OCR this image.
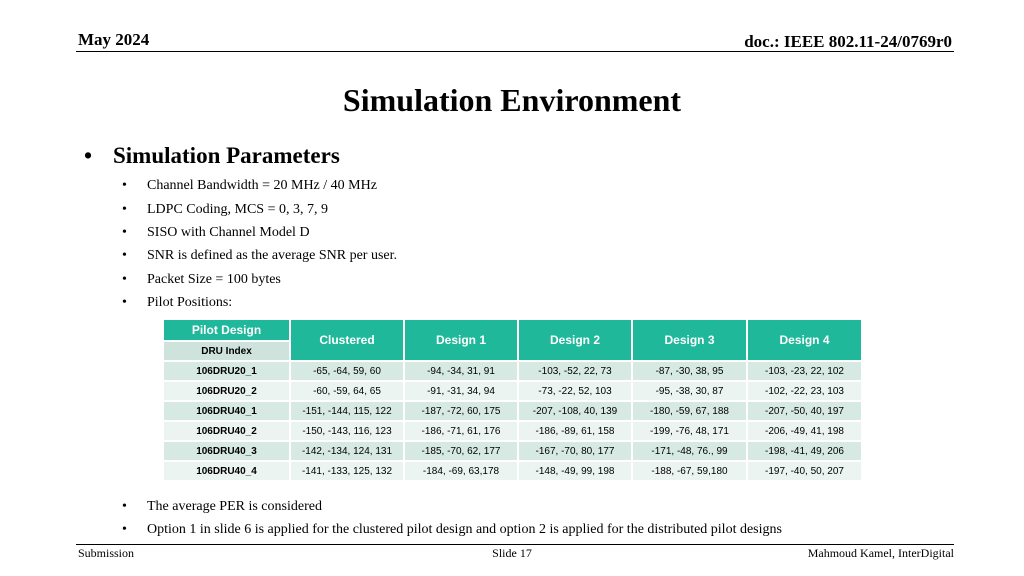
May 2024	doc.: IEEE 802.11-24/0769r0
Simulation Environment
• Simulation Parameters
• Channel Bandwidth = 20 MHz / 40 MHz
• LDPC Coding, MCS = 0, 3, 7, 9
• SISO with Channel Model D
• SNR is defined as the average SNR per user.
• Packet Size = 100 bytes
• Pilot Positions:
Pilot Design	Clustered	Design 1	Design 2	Design 3	Design 4
DRU Index					
106DRU20_1	-65, -64, 59, 60	-94, -34, 31, 91	-103, -52, 22, 73	-87, -30, 38, 95	-103, -23, 22, 102
106DRU20_2	-60, -59, 64, 65	-91, -31, 34, 94	-73, -22, 52, 103	-95, -38, 30, 87	-102, -22, 23, 103
106DRU40_1	-151, -144, 115, 122	-187, -72, 60, 175	-207, -108, 40, 139	-180, -59, 67, 188	-207, -50, 40, 197
106DRU40_2	-150, -143, 116, 123	-186, -71, 61, 176	-186, -89, 61, 158	-199, -76, 48, 171	-206, -49, 41, 198
106DRU40_3	-142, -134, 124, 131	-185, -70, 62, 177	-167, -70, 80, 177	-171, -48, 76., 99	-198, -41, 49, 206
106DRU40_4	-141, -133, 125, 132	-184, -69, 63,178	-148, -49, 99, 198	-188, -67, 59,180	-197, -40, 50, 207
• The average PER is considered
• Option 1 in slide 6 is applied for the clustered pilot design and option 2 is applied for the distributed pilot designs
Submission	Slide 17	Mahmoud Kamel, InterDigital
